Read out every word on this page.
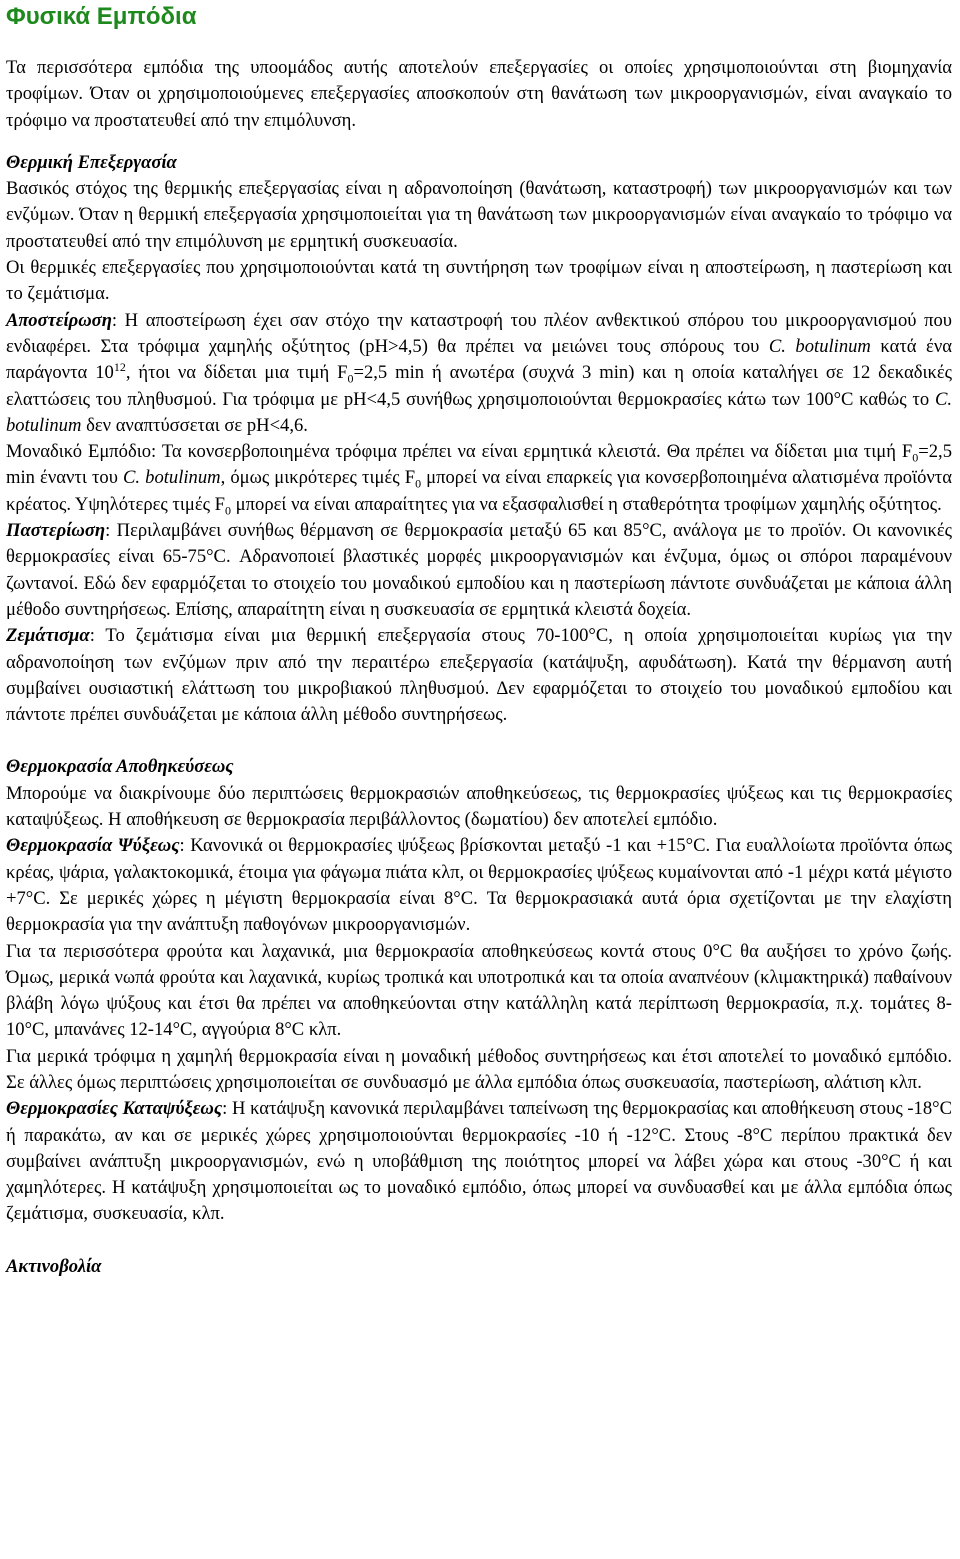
Φυσικά Εμπόδια

Τα περισσότερα εμπόδια της υποομάδος αυτής αποτελούν επεξεργασίες οι οποίες χρησιμοποιούνται στη βιομηχανία τροφίμων. Όταν οι χρησιμοποιούμενες επεξεργασίες αποσκοπούν στη θανάτωση των μικροοργανισμών, είναι αναγκαίο το τρόφιμο να προστατευθεί από την επιμόλυνση.

Θερμική Επεξεργασία

Βασικός στόχος της θερμικής επεξεργασίας είναι η αδρανοποίηση (θανάτωση, καταστροφή) των μικροοργανισμών και των ενζύμων. Όταν η θερμική επεξεργασία χρησιμοποιείται για τη θανάτωση των μικροοργανισμών είναι αναγκαίο το τρόφιμο να προστατευθεί από την επιμόλυνση με ερμητική συσκευασία.

Οι θερμικές επεξεργασίες που χρησιμοποιούνται κατά τη συντήρηση των τροφίμων είναι η αποστείρωση, η παστερίωση και το ζεμάτισμα.

Αποστείρωση: Η αποστείρωση έχει σαν στόχο την καταστροφή του πλέον ανθεκτικού σπόρου του μικροοργανισμού που ενδιαφέρει. Στα τρόφιμα χαμηλής οξύτητος (pH>4,5) θα πρέπει να μειώνει τους σπόρους του C. botulinum κατά ένα παράγοντα $10^{12}$, ήτοι να δίδεται μια τιμή $F_0=2,5$ min ή ανωτέρα (συχνά 3 min) και η οποία καταλήγει σε 12 δεκαδικές ελαττώσεις του πληθυσμού. Για τρόφιμα με pH<4,5 συνήθως χρησιμοποιούνται θερμοκρασίες κάτω των 100°C καθώς το C. botulinum δεν αναπτύσσεται σε pH<4,6.

Μοναδικό Εμπόδιο: Τα κονσερβοποιημένα τρόφιμα πρέπει να είναι ερμητικά κλειστά. Θα πρέπει να δίδεται μια τιμή $F_0=2,5$ min έναντι του C. botulinum, όμως μικρότερες τιμές $F_0$ μπορεί να είναι επαρκείς για κονσερβοποιημένα αλατισμένα προϊόντα κρέατος. Υψηλότερες τιμές $F_0$ μπορεί να είναι απαραίτητες για να εξασφαλισθεί η σταθερότητα τροφίμων χαμηλής οξύτητος.

Παστερίωση: Περιλαμβάνει συνήθως θέρμανση σε θερμοκρασία μεταξύ 65 και 85°C, ανάλογα με το προϊόν. Οι κανονικές θερμοκρασίες είναι 65-75°C. Αδρανοποιεί βλαστικές μορφές μικροοργανισμών και ένζυμα, όμως οι σπόροι παραμένουν ζωντανοί. Εδώ δεν εφαρμόζεται το στοιχείο του μοναδικού εμποδίου και η παστερίωση πάντοτε συνδυάζεται με κάποια άλλη μέθοδο συντηρήσεως. Επίσης, απαραίτητη είναι η συσκευασία σε ερμητικά κλειστά δοχεία.

Ζεμάτισμα: Το ζεμάτισμα είναι μια θερμική επεξεργασία στους 70-100°C, η οποία χρησιμοποιείται κυρίως για την αδρανοποίηση των ενζύμων πριν από την περαιτέρω επεξεργασία (κατάψυξη, αφυδάτωση). Κατά την θέρμανση αυτή συμβαίνει ουσιαστική ελάττωση του μικροβιακού πληθυσμού. Δεν εφαρμόζεται το στοιχείο του μοναδικού εμποδίου και πάντοτε πρέπει συνδυάζεται με κάποια άλλη μέθοδο συντηρήσεως.

Θερμοκρασία Αποθηκεύσεως

Μπορούμε να διακρίνουμε δύο περιπτώσεις θερμοκρασιών αποθηκεύσεως, τις θερμοκρασίες ψύξεως και τις θερμοκρασίες καταψύξεως. Η αποθήκευση σε θερμοκρασία περιβάλλοντος (δωματίου) δεν αποτελεί εμπόδιο.

Θερμοκρασία Ψύξεως: Κανονικά οι θερμοκρασίες ψύξεως βρίσκονται μεταξύ -1 και +15°C. Για ευαλλοίωτα προϊόντα όπως κρέας, ψάρια, γαλακτοκομικά, έτοιμα για φάγωμα πιάτα κλπ, οι θερμοκρασίες ψύξεως κυμαίνονται από -1 μέχρι κατά μέγιστο +7°C. Σε μερικές χώρες η μέγιστη θερμοκρασία είναι 8°C. Τα θερμοκρασιακά αυτά όρια σχετίζονται με την ελαχίστη θερμοκρασία για την ανάπτυξη παθογόνων μικροοργανισμών.

Για τα περισσότερα φρούτα και λαχανικά, μια θερμοκρασία αποθηκεύσεως κοντά στους 0°C θα αυξήσει το χρόνο ζωής. Όμως, μερικά νωπά φρούτα και λαχανικά, κυρίως τροπικά και υποτροπικά και τα οποία αναπνέουν (κλιμακτηρικά) παθαίνουν βλάβη λόγω ψύξους και έτσι θα πρέπει να αποθηκεύονται στην κατάλληλη κατά περίπτωση θερμοκρασία, π.χ. τομάτες 8-10°C, μπανάνες 12-14°C, αγγούρια 8°C κλπ.

Για μερικά τρόφιμα η χαμηλή θερμοκρασία είναι η μοναδική μέθοδος συντηρήσεως και έτσι αποτελεί το μοναδικό εμπόδιο. Σε άλλες όμως περιπτώσεις χρησιμοποιείται σε συνδυασμό με άλλα εμπόδια όπως συσκευασία, παστερίωση, αλάτιση κλπ.

Θερμοκρασίες Καταψύξεως: Η κατάψυξη κανονικά περιλαμβάνει ταπείνωση της θερμοκρασίας και αποθήκευση στους -18°C ή παρακάτω, αν και σε μερικές χώρες χρησιμοποιούνται θερμοκρασίες -10 ή -12°C. Στους -8°C περίπου πρακτικά δεν συμβαίνει ανάπτυξη μικροοργανισμών, ενώ η υποβάθμιση της ποιότητος μπορεί να λάβει χώρα και στους -30°C ή και χαμηλότερες. Η κατάψυξη χρησιμοποιείται ως το μοναδικό εμπόδιο, όπως μπορεί να συνδυασθεί και με άλλα εμπόδια όπως ζεμάτισμα, συσκευασία, κλπ.

Ακτινοβολία
